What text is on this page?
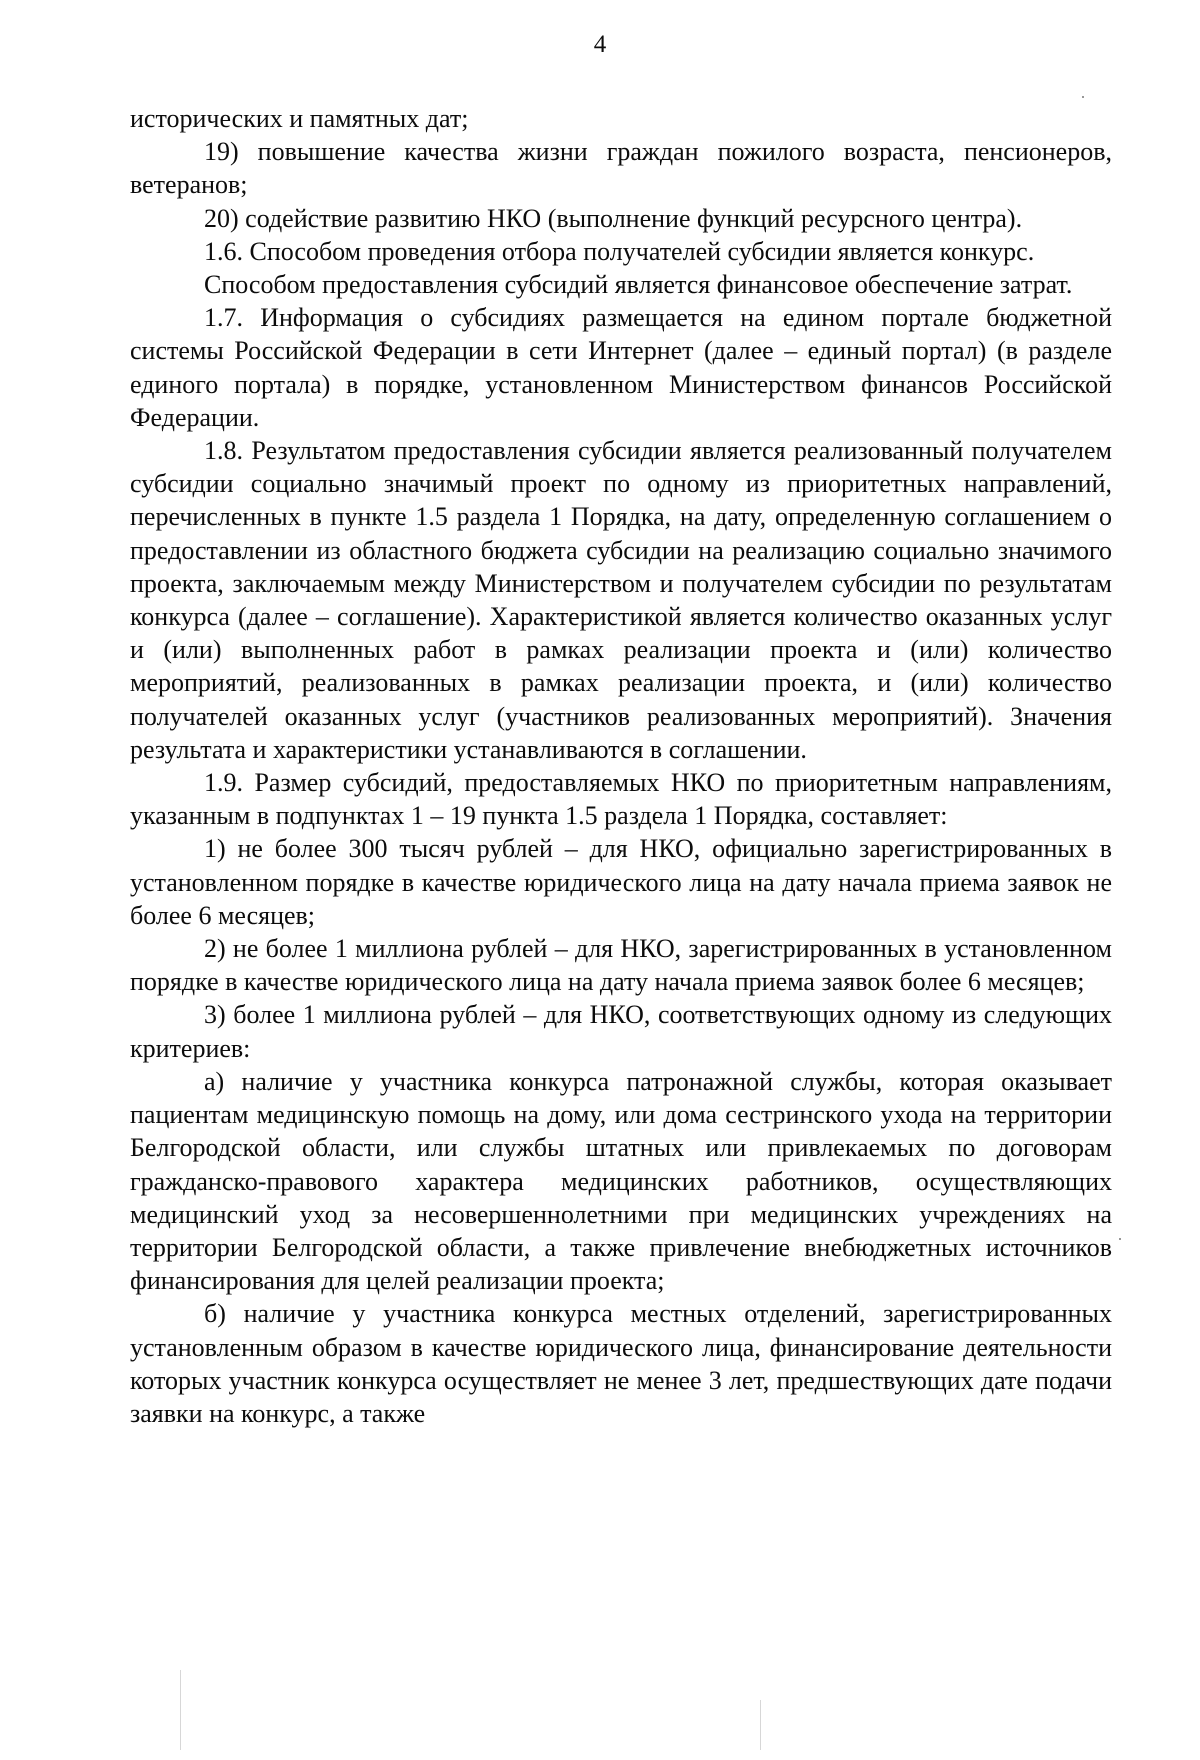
4

исторических и памятных дат;

19) повышение качества жизни граждан пожилого возраста, пенсионеров, ветеранов;

20) содействие развитию НКО (выполнение функций ресурсного центра).

1.6. Способом проведения отбора получателей субсидии является конкурс.

Способом предоставления субсидий является финансовое обеспечение затрат.

1.7. Информация о субсидиях размещается на едином портале бюджетной системы Российской Федерации в сети Интернет (далее – единый портал) (в разделе единого портала) в порядке, установленном Министерством финансов Российской Федерации.

1.8. Результатом предоставления субсидии является реализованный получателем субсидии социально значимый проект по одному из приоритетных направлений, перечисленных в пункте 1.5 раздела 1 Порядка, на дату, определенную соглашением о предоставлении из областного бюджета субсидии на реализацию социально значимого проекта, заключаемым между Министерством и получателем субсидии по результатам конкурса (далее – соглашение). Характеристикой является количество оказанных услуг и (или) выполненных работ в рамках реализации проекта и (или) количество мероприятий, реализованных в рамках реализации проекта, и (или) количество получателей оказанных услуг (участников реализованных мероприятий). Значения результата и характеристики устанавливаются в соглашении.

1.9. Размер субсидий, предоставляемых НКО по приоритетным направлениям, указанным в подпунктах 1 – 19 пункта 1.5 раздела 1 Порядка, составляет:

1) не более 300 тысяч рублей – для НКО, официально зарегистрированных в установленном порядке в качестве юридического лица на дату начала приема заявок не более 6 месяцев;

2) не более 1 миллиона рублей – для НКО, зарегистрированных в установленном порядке в качестве юридического лица на дату начала приема заявок более 6 месяцев;

3) более 1 миллиона рублей – для НКО, соответствующих одному из следующих критериев:

а) наличие у участника конкурса патронажной службы, которая оказывает пациентам медицинскую помощь на дому, или дома сестринского ухода на территории Белгородской области, или службы штатных или привлекаемых по договорам гражданско-правового характера медицинских работников, осуществляющих медицинский уход за несовершеннолетними при медицинских учреждениях на территории Белгородской области, а также привлечение внебюджетных источников финансирования для целей реализации проекта;

б) наличие у участника конкурса местных отделений, зарегистрированных установленным образом в качестве юридического лица, финансирование деятельности которых участник конкурса осуществляет не менее 3 лет, предшествующих дате подачи заявки на конкурс, а также
